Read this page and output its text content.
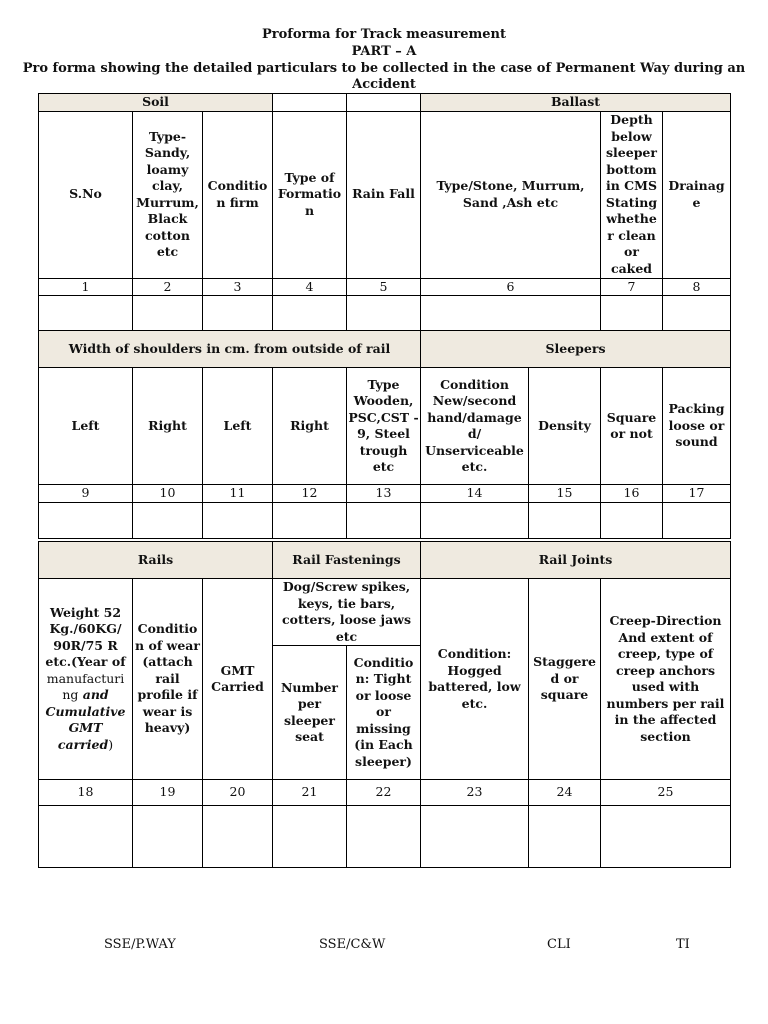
Proforma for Track measurement
PART – A
Pro forma showing the detailed particulars to be collected in the case of Permanent Way during an
Accident
Soil					Ballast		
S.No	Type-Sandy, loamy clay, Murrum, Black cotton etc	Conditio n firm	Type of Formatio n	Rain Fall	Type/Stone, Murrum, Sand ,Ash etc	Depth below sleeper bottom in CMS Stating whethe r clean or caked	Drainag e
1	2	3	4	5	6	7	8

Width of shoulders in cm. from outside of rail					Sleepers			
Left	Right	Left	Right	Type Wooden, PSC,CST - 9, Steel trough etc	Condition New/second hand/damage d/ Unserviceable etc.	Density	Square or not	Packing loose or sound
9	10	11	12	13	14	15	16	17

Rails			Rail Fastenings		Rail Joints		
Weight 52 Kg./60KG/ 90R/75 R etc.(Year of manufacturi ng and Cumulative GMT carried)	Conditio n of wear (attach rail profile if wear is heavy)	GMT Carried	Dog/Screw spikes, keys, tie bars, cotters, loose jaws etc		Condition: Hogged battered, low etc.	Staggere d or square	Creep-Direction And extent of creep, type of creep anchors used with numbers per rail in the affected section
			Number per sleeper seat	Conditio n: Tight or loose or missing (in Each sleeper)			
18	19	20	21	22	23	24	25

SSE/P.WAY	SSE/C&W	CLI	TI
